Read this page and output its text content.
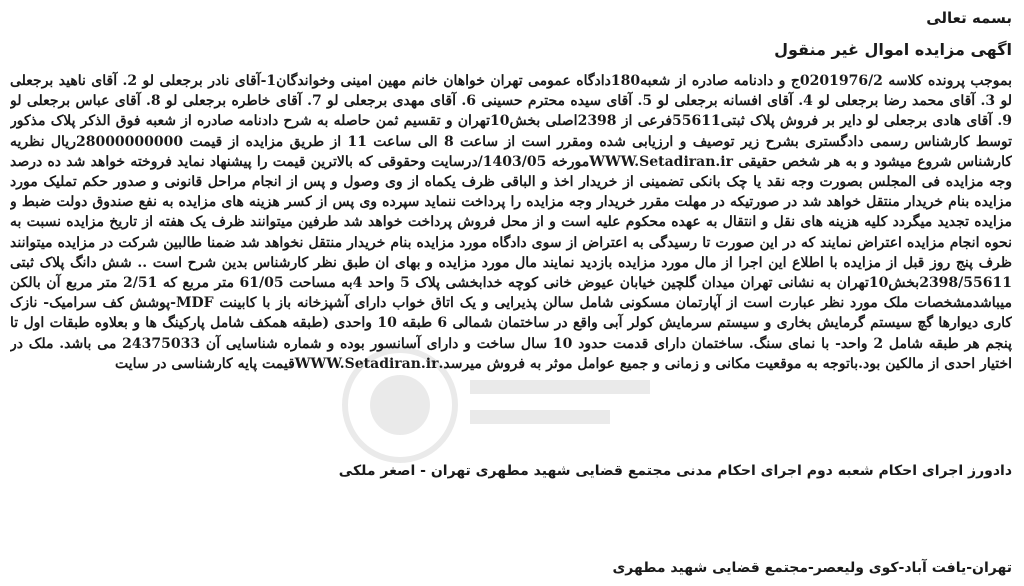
بسمه تعالی
اگهی مزایده اموال غیر منقول

بموجب پرونده کلاسه 0201976/2ج و دادنامه صادره از شعبه180دادگاه عمومی تهران خواهان خانم مهین امینی وخواندگان1-آقای نادر برجعلی لو 2. آقای ناهید برجعلی لو 3. آقای محمد رضا برجعلی لو 4. آقای افسانه برجعلی لو 5. آقای سیده محترم حسینی 6. آقای مهدی برجعلی لو 7. آقای خاطره برجعلی لو 8. آقای عباس برجعلی لو 9. آقای هادی برجعلی لو دایر بر فروش پلاک ثبتی55611فرعی از 2398اصلی بخش10تهران و تقسیم ثمن حاصله به شرح دادنامه صادره از شعبه فوق الذکر پلاک مذکور توسط کارشناس رسمی دادگستری بشرح زیر توصیف و ارزیابی شده ومقرر است از ساعت 8 الی ساعت 11 از طریق مزایده از قیمت 28000000000ریال نظریه کارشناس شروع میشود و به هر شخص حقیقی WWW.Setadiran.irمورخه 1403/05/درسایت وحقوقی که بالاترین قیمت را پیشنهاد نماید فروخته خواهد شد ده درصد وجه مزایده فی المجلس بصورت وجه نقد یا چک بانکی تضمینی از خریدار اخذ و الباقی ظرف یکماه از وی وصول و پس از انجام مراحل قانونی و صدور حکم تملیک مورد مزایده بنام خریدار منتقل خواهد شد در صورتیکه در مهلت مقرر خریدار وجه مزایده را پرداخت ننماید سپرده وی پس از کسر هزینه های مزایده به نفع صندوق دولت ضبط و مزایده تجدید میگردد کلیه هزینه های نقل و انتقال به عهده محکوم علیه است و از محل فروش پرداخت خواهد شد طرفین میتوانند ظرف یک هفته از تاریخ مزایده نسبت به نحوه انجام مزایده اعتراض نمایند که در این صورت تا رسیدگی به اعتراض از سوی دادگاه مورد مزایده بنام خریدار منتقل نخواهد شد ضمنا طالبین شرکت در مزایده میتوانند ظرف پنج روز قبل از مزایده با اطلاع این اجرا از مال مورد مزایده بازدید نمایند مال مورد مزایده و بهای ان طبق نظر کارشناس بدین شرح است .. شش دانگ پلاک ثبتی 2398/55611بخش10تهران به نشانی تهران میدان گلچین خیابان عیوض خانی کوچه خدابخشی پلاک 5 واحد 4به مساحت 61/05 متر مربع که 2/51 متر مربع آن بالکن میباشدمشخصات ملک مورد نظر عبارت است از آپارتمان مسکونی شامل سالن پذیرایی و یک اتاق خواب دارای آشپزخانه باز با کابینت MDF-پوشش کف سرامیک- نازک کاری دیوارها گچ سیستم گرمایش بخاری و سیستم سرمایش کولر آبی واقع در ساختمان شمالی 6 طبقه 10 واحدی (طبقه همکف شامل پارکینگ ها و بعلاوه طبقات اول تا پنجم هر طبقه شامل 2 واحد- با نمای سنگ. ساختمان دارای قدمت حدود 10 سال ساخت و دارای آسانسور بوده و شماره شناسایی آن 24375033 می باشد. ملک در اختیار احدی از مالکین بود.باتوجه به موقعیت مکانی و زمانی و جمیع عوامل موثر به فروش میرسد.WWW.Setadiran.irقیمت پایه کارشناسی در سایت

دادورز اجرای احکام شعبه دوم اجرای احکام مدنی مجتمع قضایی شهید مطهری تهران - اصغر ملکی
تهران-یافت آباد-کوی ولیعصر-مجتمع قضایی شهید مطهری
